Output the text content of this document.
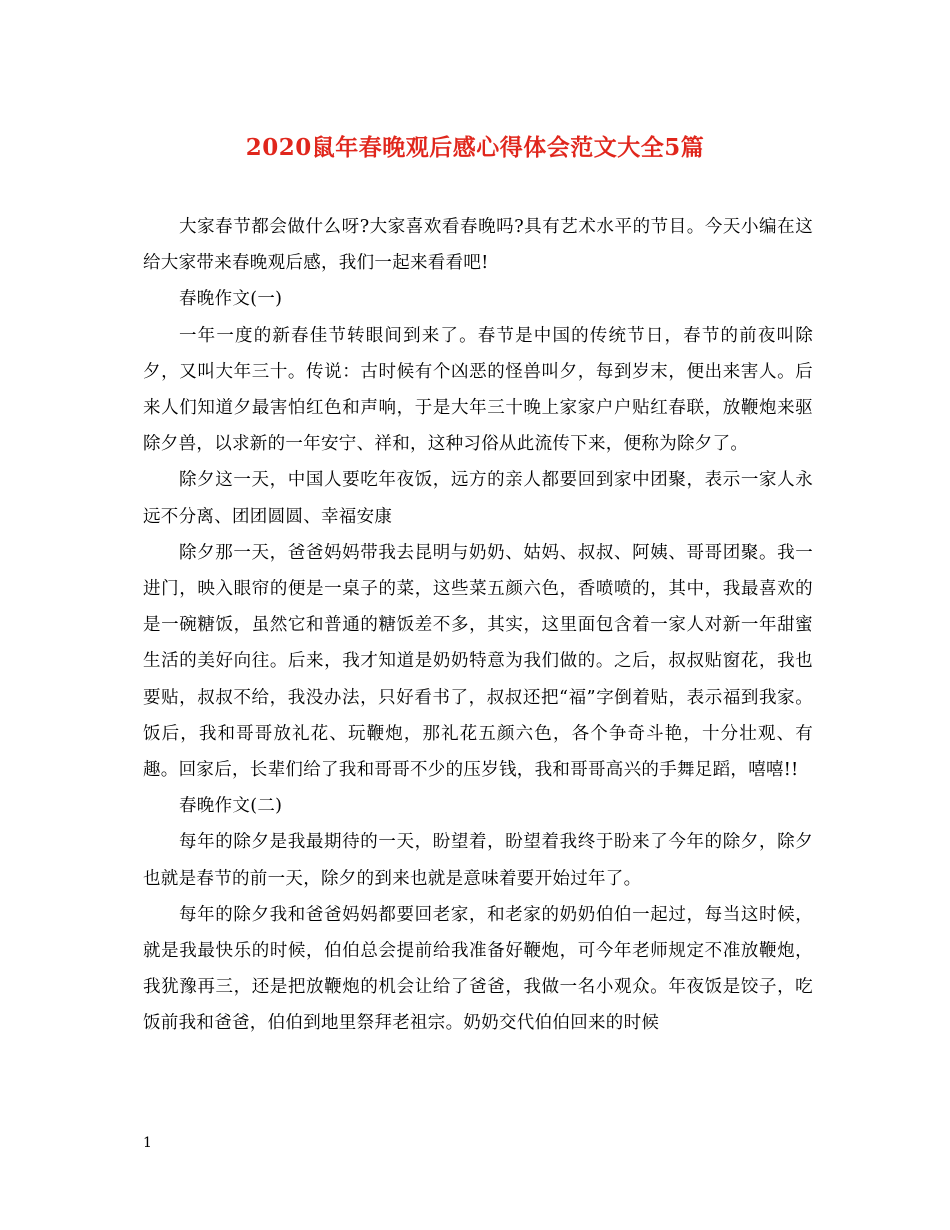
2020鼠年春晚观后感心得体会范文大全5篇

大家春节都会做什么呀?大家喜欢看春晚吗?具有艺术水平的节目。今天小编在这给大家带来春晚观后感，我们一起来看看吧!

春晚作文(一)

一年一度的新春佳节转眼间到来了。春节是中国的传统节日，春节的前夜叫除夕，又叫大年三十。传说：古时候有个凶恶的怪兽叫夕，每到岁末，便出来害人。后来人们知道夕最害怕红色和声响，于是大年三十晚上家家户户贴红春联，放鞭炮来驱除夕兽，以求新的一年安宁、祥和，这种习俗从此流传下来，便称为除夕了。

除夕这一天，中国人要吃年夜饭，远方的亲人都要回到家中团聚，表示一家人永远不分离、团团圆圆、幸福安康

除夕那一天，爸爸妈妈带我去昆明与奶奶、姑妈、叔叔、阿姨、哥哥团聚。我一进门，映入眼帘的便是一桌子的菜，这些菜五颜六色，香喷喷的，其中，我最喜欢的是一碗糖饭，虽然它和普通的糖饭差不多，其实，这里面包含着一家人对新一年甜蜜生活的美好向往。后来，我才知道是奶奶特意为我们做的。之后，叔叔贴窗花，我也要贴，叔叔不给，我没办法，只好看书了，叔叔还把“福”字倒着贴，表示福到我家。饭后，我和哥哥放礼花、玩鞭炮，那礼花五颜六色，各个争奇斗艳，十分壮观、有趣。回家后，长辈们给了我和哥哥不少的压岁钱，我和哥哥高兴的手舞足蹈，嘻嘻!!

春晚作文(二)

每年的除夕是我最期待的一天，盼望着，盼望着我终于盼来了今年的除夕，除夕也就是春节的前一天，除夕的到来也就是意味着要开始过年了。

每年的除夕我和爸爸妈妈都要回老家，和老家的奶奶伯伯一起过，每当这时候，就是我最快乐的时候，伯伯总会提前给我准备好鞭炮，可今年老师规定不准放鞭炮，我犹豫再三，还是把放鞭炮的机会让给了爸爸，我做一名小观众。年夜饭是饺子，吃饭前我和爸爸，伯伯到地里祭拜老祖宗。奶奶交代伯伯回来的时候

1
